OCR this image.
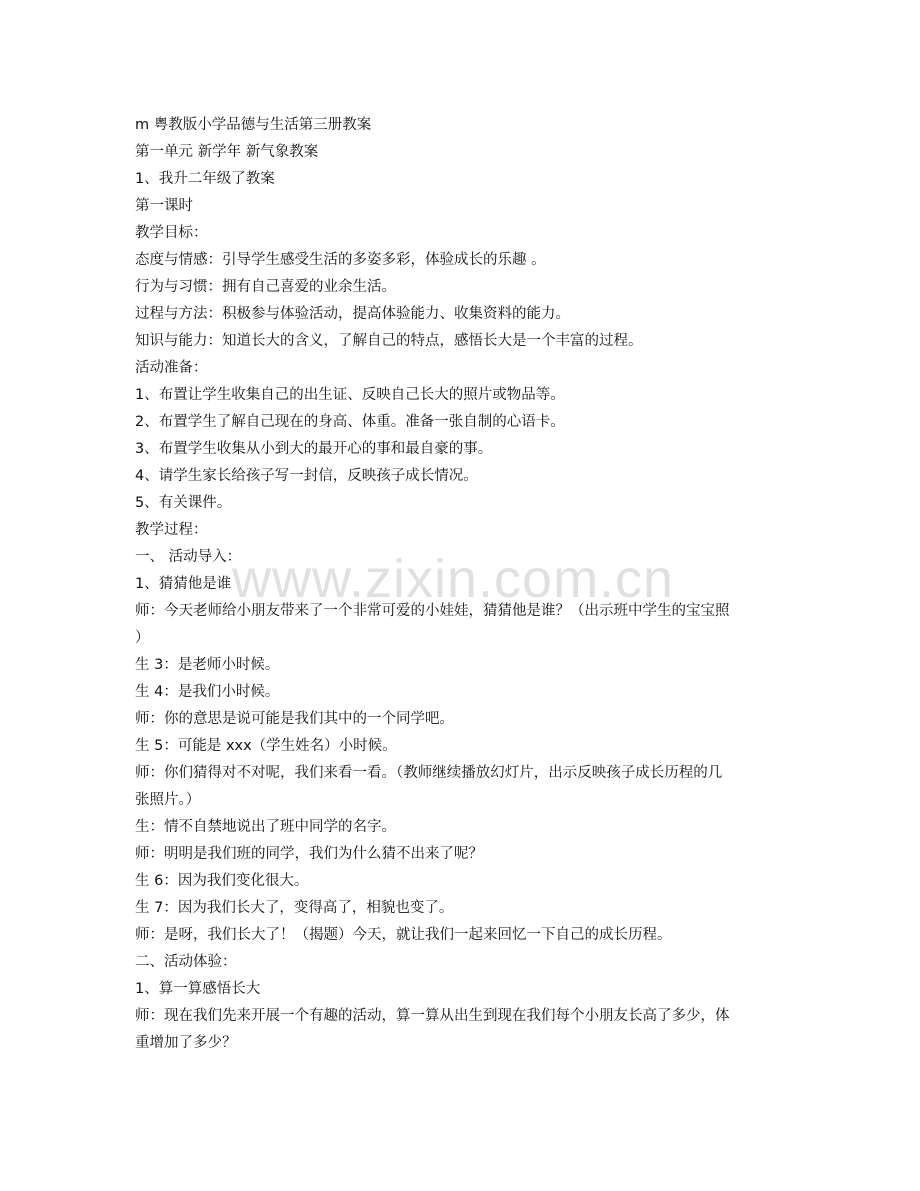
m 粤教版小学品德与生活第三册教案
第一单元 新学年 新气象教案
1、我升二年级了教案
第一课时
教学目标：
态度与情感：引导学生感受生活的多姿多彩，体验成长的乐趣 。
行为与习惯：拥有自己喜爱的业余生活。
过程与方法：积极参与体验活动，提高体验能力、收集资料的能力。
知识与能力：知道长大的含义，了解自己的特点，感悟长大是一个丰富的过程。
活动准备：
1、布置让学生收集自己的出生证、反映自己长大的照片或物品等。
2、布置学生了解自己现在的身高、体重。准备一张自制的心语卡。
3、布置学生收集从小到大的最开心的事和最自豪的事。
4、请学生家长给孩子写一封信，反映孩子成长情况。
5、有关课件。
教学过程：
一、 活动导入：
1、猜猜他是谁
师：今天老师给小朋友带来了一个非常可爱的小娃娃，猜猜他是谁？（出示班中学生的宝宝照
）
生 3：是老师小时候。
生 4：是我们小时候。
师：你的意思是说可能是我们其中的一个同学吧。
生 5：可能是 xxx（学生姓名）小时候。
师：你们猜得对不对呢，我们来看一看。（教师继续播放幻灯片，出示反映孩子成长历程的几
张照片。）
生：情不自禁地说出了班中同学的名字。
师：明明是我们班的同学，我们为什么猜不出来了呢？
生 6：因为我们变化很大。
生 7：因为我们长大了，变得高了，相貌也变了。
师：是呀，我们长大了！（揭题）今天，就让我们一起来回忆一下自己的成长历程。
二、活动体验：
1、算一算感悟长大
师：现在我们先来开展一个有趣的活动，算一算从出生到现在我们每个小朋友长高了多少，体
重增加了多少？
www.zixin.com.cn
